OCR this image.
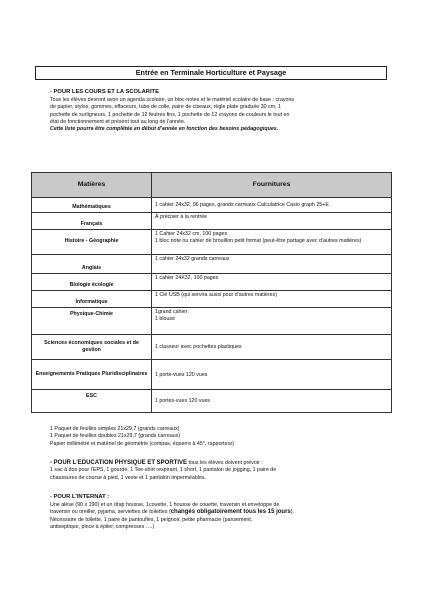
Entrée en Terminale Horticulture et Paysage
- POUR LES COURS ET LA SCOLARITE
Tous les élèves devront avoir un agenda scolaire, un bloc-notes et le matériel scolaire de base : crayons
de papier, stylos, gommes, effaceurs, tube de colle, paire de ciseaux, règle plate graduée 30 cm, 1
pochette de surligneurs, 1 pochette de 12 feutres fins, 1 pochette de 12 crayons de couleurs le tout en
état de fonctionnement et présent tout au long de l'année.
Cette liste pourra être complétée en début d'année en fonction des besoins pédagogiques.
Matières	Fournitures
Mathématiques	1 cahier 24x32, 96 pages, grands carreaux Calculatrice Casio graph 25+E
Français	À préciser à la rentrée
Histoire - Géographie	1 Cahier 24x32 cm, 100 pages
1 bloc note ou cahier de brouillon petit format (peut-être partagé avec d'autres matières)
Anglais	1 cahier 24x32 grands carreaux
Biologie écologie	1 cahier 24X32, 100 pages
Informatique	1 Clé USB (qui servira aussi pour d'autres matières)
Physique-Chimie	1grand cahier
1 blouse
Sciences économiques sociales et de gestion	1 classeur avec pochettes plastiques
Enseignements Pratiques Pluridisciplinaires	1 porte-vues 120 vues
ESC	1 portes-vues 120 vues
1 Paquet de feuilles simples 21x29,7 (grands carreaux)
1 Paquet de feuilles doubles 21x29,7 (grands carreaux)
Papier millimétré et matériel de géométrie (compas, équerre à 45°, rapporteur)
- POUR L'EDUCATION PHYSIQUE ET SPORTIVE tous les élèves doivent prévoir :
1 sac à dos pour l'EPS, 1 gourde, 1 Tee-shirt respirant, 1 short, 1 pantalon de jogging, 1 paire de
chaussures de course à pied, 1 veste et 1 pantalon imperméables.
- POUR L'INTERNAT :
Une alèse (90 x 190) et un drap housse, 1couette, 1 housse de couette, traversin et enveloppe de
traversin ou oreiller, pyjama, serviettes de toilettes (changés obligatoirement tous les 15 jours).
Nécessaire de toilette, 1 paire de pantoufles, 1 peignoir, petite pharmacie (pansement,
antiseptique, pince à épiler, compresses ….)
